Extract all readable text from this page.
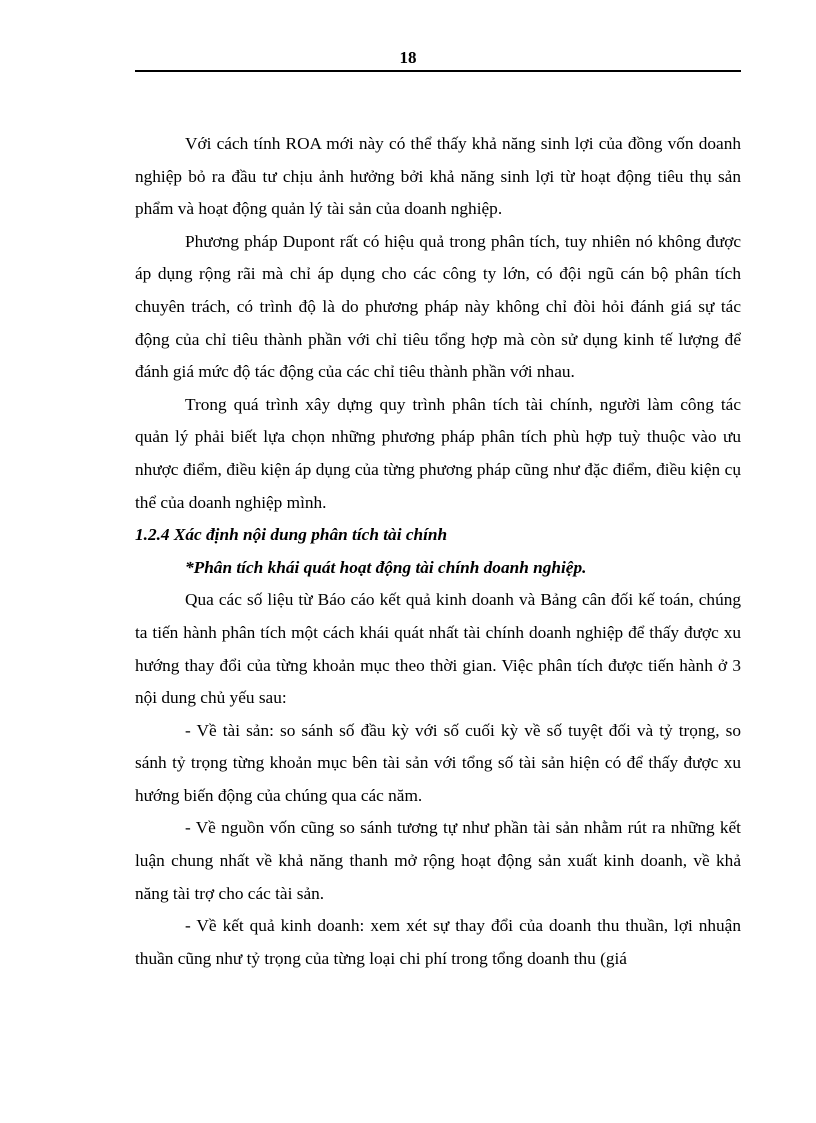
18

Với cách tính ROA mới này có thể thấy khả năng sinh lợi của đồng vốn doanh nghiệp bỏ ra đầu tư chịu ảnh hưởng bởi khả năng sinh lợi từ hoạt động tiêu thụ sản phẩm và hoạt động quản lý tài sản của doanh nghiệp.

Phương pháp Dupont rất có hiệu quả trong phân tích, tuy nhiên nó không được áp dụng rộng rãi mà chỉ áp dụng cho các công ty lớn, có đội ngũ cán bộ phân tích chuyên trách, có trình độ là do phương pháp này không chỉ đòi hỏi đánh giá sự tác động của chỉ tiêu thành phần với chỉ tiêu tổng hợp mà còn sử dụng kinh tế lượng để đánh giá mức độ tác động của các chỉ tiêu thành phần với nhau.

Trong quá trình xây dựng quy trình phân tích tài chính, người làm công tác quản lý phải biết lựa chọn những phương pháp phân tích phù hợp tuỳ thuộc vào ưu nhược điểm, điều kiện áp dụng của từng phương pháp cũng như đặc điểm, điều kiện cụ thể của doanh nghiệp mình.

1.2.4 Xác định nội dung phân tích tài chính

*Phân tích khái quát hoạt động tài chính doanh nghiệp.

Qua các số liệu từ Báo cáo kết quả kinh doanh và Bảng cân đối kế toán, chúng ta tiến hành phân tích một cách khái quát nhất tài chính doanh nghiệp để thấy được xu hướng thay đổi của từng khoản mục theo thời gian. Việc phân tích được tiến hành ở 3 nội dung chủ yếu sau:

- Về tài sản: so sánh số đầu kỳ với số cuối kỳ về số tuyệt đối và tỷ trọng, so sánh tỷ trọng từng khoản mục bên tài sản với tổng số tài sản hiện có để thấy được xu hướng biến động của chúng qua các năm.

- Về nguồn vốn cũng so sánh tương tự như phần tài sản nhằm rút ra những kết luận chung nhất về khả năng thanh mở rộng hoạt động sản xuất kinh doanh, về khả năng tài trợ cho các tài sản.

- Về kết quả kinh doanh: xem xét sự thay đổi của doanh thu thuần, lợi nhuận thuần cũng như tỷ trọng của từng loại chi phí trong tổng doanh thu (giá
